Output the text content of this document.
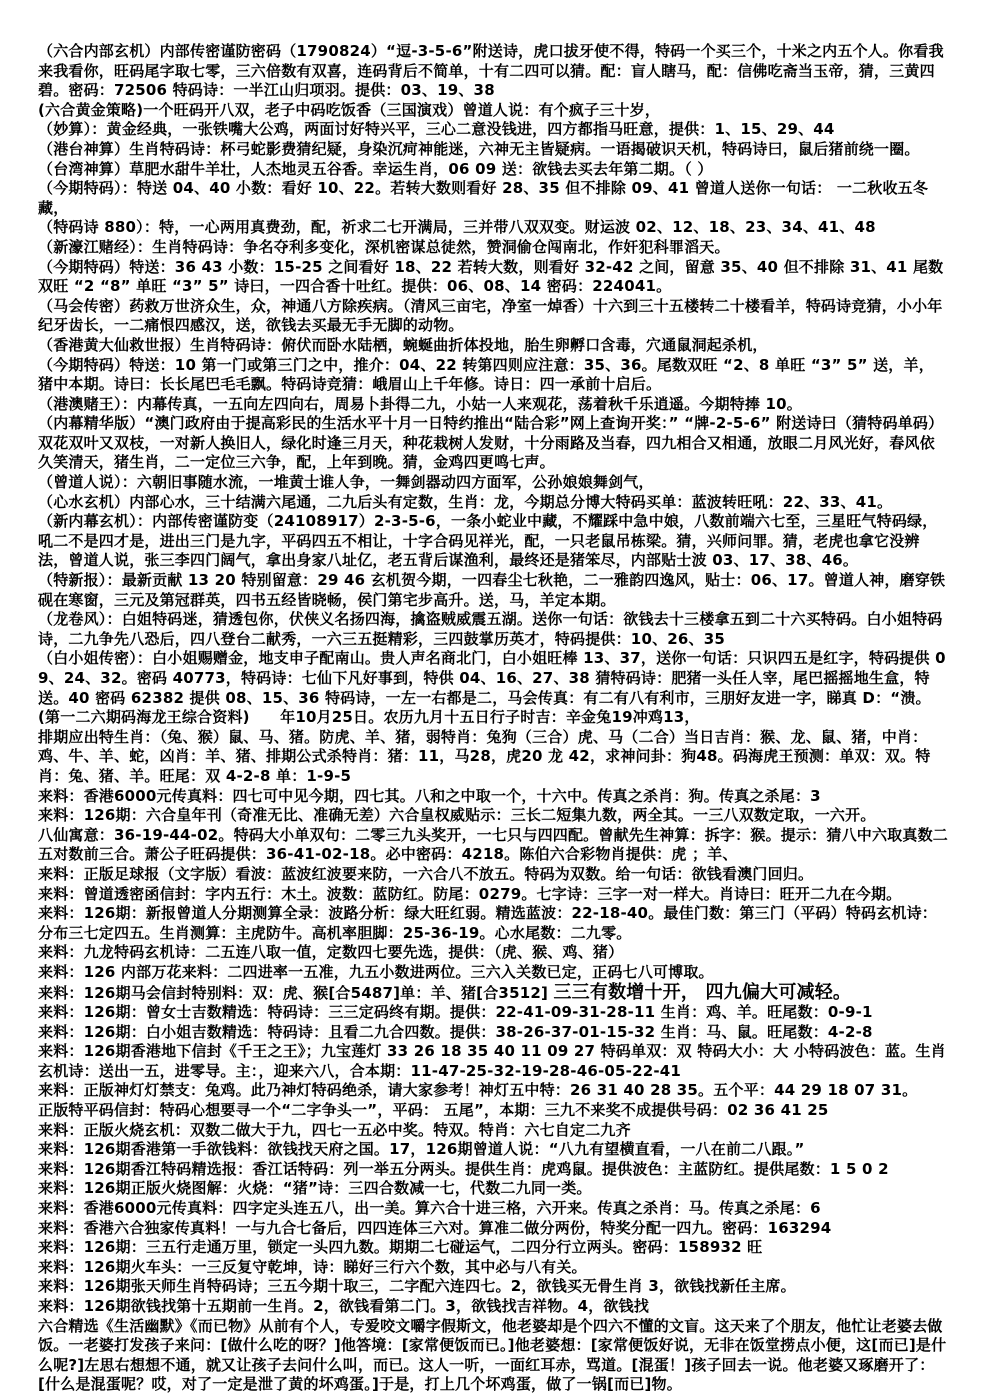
（六合内部玄机）内部传密谨防密码（1790824）“逗-3-5-6”附送诗，虎口拔牙使不得，特码一个买三个，十米之内五个人。你看我来我看你，旺码尾字取七零，三六倍数有双喜，连码背后不简单，十有二四可以猜。配：盲人瞎马，配：信佛吃斋当玉帝，猜，三黄四碧。密码：72506 特码诗：一半江山归项羽。提供：03、19、38

(六合黄金策略)一个旺码开八双，老子中码吃饭香（三国演戏）曾道人说：有个疯子三十岁，

（妙算）：黄金经典，一张铁嘴大公鸡，两面讨好特兴平，三心二意没钱进，四方都指马旺意，提供：1、15、29、44

（港台神算）生肖特码诗：杯弓蛇影费猜纪疑，身染沉疴神能迷，六神无主皆疑病。一语揭破识天机，特码诗曰，鼠后猪前绕一圈。

（台湾神算）草肥水甜牛羊壮，人杰地灵五谷香。幸运生肖，06 09 送：欲钱去买去年第二期。（ ）

（今期特码）：特送 04、40 小数：看好 10、22。若转大数则看好 28、35 但不排除 09、41 曾道人送你一句话： 一二秋收五冬藏，

（特码诗 880）：特，一心两用真费劲，配，祈求二七开满局，三并带八双双变。财运波 02、12、18、23、34、41、48

（新濠江赌经）：生肖特码诗：争名夺利多变化，深机密谋总徒然，赞洞偷仓闯南北，作奸犯科罪滔天。

（今期特码）特送：36 43 小数：15-25 之间看好 18、22 若转大数，则看好 32-42 之间，留意 35、40 但不排除 31、41 尾数双旺 “2 “8” 单旺 “3” 5” 诗曰，一四合香十吐红。提供：06、08、14 密码：224041。

（马会传密）药救万世济众生，众，神通八方除疾病。（清风三亩宅，净室一焯香）十六到三十五楼转二十楼看羊，特码诗竞猜，小小年纪牙齿长，一二痛恨四感汉，送，欲钱去买最无手无脚的动物。

（香港黄大仙救世报）生肖特码诗：俯伏而卧水陆栖，蜿蜒曲折体投地，胎生卵孵口含毒，穴通鼠洞起杀机，

（今期特码）特送：10 第一门或第三门之中，推介：04、22 转第四则应注意：35、36。尾数双旺 “2、8 单旺 “3” 5” 送，羊，猪中本期。诗曰：长长尾巴毛毛飘。特码诗竞猜：峨眉山上千年修。诗日：四一承前十启后。

（港澳赌王）：内幕传真，一五向左四向右，周易卜卦得二九，小姑一人来观花，荡着秋千乐逍遥。今期特捧 10。

（内幕精华版）“澳门政府由于提高彩民的生活水平十月一日特约推出“陆合彩”网上查询开奖：” “牌-2-5-6” 附送诗曰（猜特码单码）双花双叶又双枝，一对新人换旧人，绿化时逢三月天，种花栽树人发财，十分雨路及当春，四九相合又相通，放眼二月风光好，春风依久笑清天，猪生肖，二一定位三六争，配，上年到晚。猜，金鸡四更鸣七声。

（曾道人说）：六朝旧事随水流，一堆黄士谁人争，一舞剑器动四方面军，公孙娘娘舞剑气，

（心水玄机）内部心水，三十结满六尾通，二九后头有定数，生肖：龙，今期总分博大特码买单：蓝波转旺吼：22、33、41。

（新内幕玄机）：内部传密谨防变（24108917）2-3-5-6，一条小蛇业中藏，不耀踩中急中娘，八数前端六七至，三星旺气特码绿，吼二不是四才是，进出三门是九字，平码四五不相让，十字合码见祥光，配，一只老鼠吊栋梁。猜，兴师问罪。猜，老虎也拿它没辨法，曾道人说，张三李四门阔气，拿出身家八址亿，老五背后谋渔利，最终还是猪笨尽，内部贴士波 03、17、38、46。

（特新报）：最新贡献 13 20 特别留意：29 46 玄机贺今期，一四春尘七秋艳，二一雅韵四逸风，贴士：06、17。曾道人神，磨穿铁砚在寒窗，三元及第冠群英，四书五经皆晓畅，侯门第宅步高升。送，马，羊定本期。

（龙卷风）：白姐特码迷，猜透包你，伏侠义名扬四海，擒盗贼威震五湖。送你一句话：欲钱去十三楼拿五到二十六买特码。白小姐特码诗，二九争先八恐后，四八登台二献秀，一六三五挺精彩，三四鼓掌历英才，特码提供：10、26、35

（白小姐传密）：白小姐赐赠金，地支申子配南山。贵人声名商北门，白小姐旺棒 13、37，送你一句话：只识四五是红字，特码提供 09、24、32。密码 40773，特码诗：七仙下凡好事到，特供 04、16、27、38 猜特码诗：肥猪一头任人宰，尾巴摇摇地生盒，特送。40 密码 62382 提供 08、15、36 特码诗，一左一右都是二，马会传真：有二有八有利市，三朋好友进一字，睇真 D：“溃。

(第一二六期码海龙王综合资料)　　年10月25日。农历九月十五日行子时吉：辛金兔19冲鸡13，

排期应出特生肖：（兔、猴）鼠、马、猪。防虎、羊、猪，弱特肖：兔狗（三合）虎、马（二合）当日吉肖：猴、龙、鼠、猪，中肖：鸡、牛、羊、蛇，凶肖：羊、猪、排期公式杀特肖：猪：11，马28，虎20 龙 42，求神问卦：狗48。码海虎王预测：单双：双。特肖：兔、猪、羊。旺尾：双 4-2-8 单：1-9-5

来料：香港6000元传真料：四七可中见今期，四七其。八和之中取一个，十六中。传真之杀肖：狗。传真之杀尾：3

来料：126期：六合皇年刊（奇准无比、准确无差）六合皇权威贴示：三长二短集九数，两全其。一三八双数定取，一六开。

八仙寓意：36-19-44-02。特码大小单双句：二零三九头奖开，一七只与四四配。曾献先生神算：拆字：猴。提示：猜八中六取真数二五对数前三合。萧公子旺码提供：36-41-02-18。必中密码：4218。陈伯六合彩物肖提供：虎 ；羊、

来料：正版足球报（文字版）看波：蓝波红波要来防，一六合八不放五。特码为双数。给一句话：欲钱看澳门回归。

来料：曾道透密函信封：字内五行：木土。波数：蓝防红。防尾：0279。七字诗：三字一对一样大。肖诗曰：旺开二九在今期。

来料：126期：新报曾道人分期测算全录：波路分析：绿大旺红弱。精选蓝波：22-18-40。最佳门数：第三门（平码）特码玄机诗：分布三七定四五。生肖测算：主虎防牛。高机率胆脚：25-36-19。心水尾数：二九零。

来料：九龙特码玄机诗：二五连八取一值，定数四七要先选，提供：（虎、猴、鸡、猪）

来料：126 内部万花来料：二四进率一五准，九五小数进两位。三六入关数已定，正码七八可博取。

来料：126期马会信封特别料：双：虎、猴[合5487]单：羊、猪[合3512] 三三有数增十开， 四九偏大可减轻。

来料：126期：曾女士吉数精选：特码诗：三三定码终有期。提供：22-41-09-31-28-11 生肖：鸡、羊。旺尾数：0-9-1

来料：126期：白小姐吉数精选：特码诗：且看二九合四数。提供：38-26-37-01-15-32 生肖：马、鼠。旺尾数：4-2-8

来料：126期香港地下信封《千王之王》；九宝莲灯 33 26 18 35 40 11 09 27 特码单双：双 特码大小：大 小特码波色：蓝。生肖玄机诗：送出一五，进零导。主：，迎来六八，合本期：11-47-25-32-19-28-46-05-22-41

来料：正版神灯灯禁支：兔鸡。此乃神灯特码绝杀，请大家参考！神灯五中特：26 31 40 28 35。五个平：44 29 18 07 31。

正版特平码信封：特码心想要寻一个“二字争头一”，平码： 五尾”，本期：三九不来奖不成提供号码：02 36 41 25

来料：正版火烧玄机：双数二做大于九，四七一五必中奖。特双。特肖：六七自定二九齐

来料：126期香港第一手欲钱料：欲钱找天府之国。17，126期曾道人说：“八九有望横直看，一八在前二八跟。”

来料：126期香江特码精选报：香江话特码：列一举五分两头。提供生肖：虎鸡鼠。提供波色：主蓝防红。提供尾数：1 5 0 2

来料：126期正版火烧图解：火烧：“猪”诗：三四合数减一七，代数二九同一类。

来料：香港6000元传真料：四字定头连五八，出一美。算六合十进三格，六开来。传真之杀肖：马。传真之杀尾：6

来料：香港六合独家传真料！一与九合七备后，四四连体三六对。算准二做分两份，特奖分配一四九。密码：163294

来料：126期：三五行走通万里，锁定一头四九数。期期二七碰运气，二四分行立两头。密码：158932 旺

来料：126期火车头：一三反复守乾坤，诗：睇好三行六个数，其中必与八有关。

来料：126期张天师生肖特码诗；三五今期十取三，二字配六连四七。2，欲钱买无骨生肖 3，欲钱找新任主席。

来料：126期欲钱找第十五期前一生肖。2，欲钱看第二门。3，欲钱找吉祥物。4，欲钱找

六合精选《生活幽默》《而已物》从前有个人，专爱咬文嚼字假斯文，他老婆却是个四六不懂的文盲。这天来了个朋友，他忙让老婆去做饭。一老婆打发孩子来问：[做什么吃的呀？]他答境：[家常便饭而已。]他老婆想：[家常便饭好说，无非在饭堂捞点小便，这[而已]是什么呢?]左思右想想不通，就又让孩子去问什么叫，而已。这人一听，一面红耳赤，骂道。[混蛋！]孩子回去一说。他老婆又琢磨开了：[什么是混蛋呢？哎，对了一定是泄了黄的坏鸡蛋。]于是，打上几个坏鸡蛋，做了一锅[而已]物。
